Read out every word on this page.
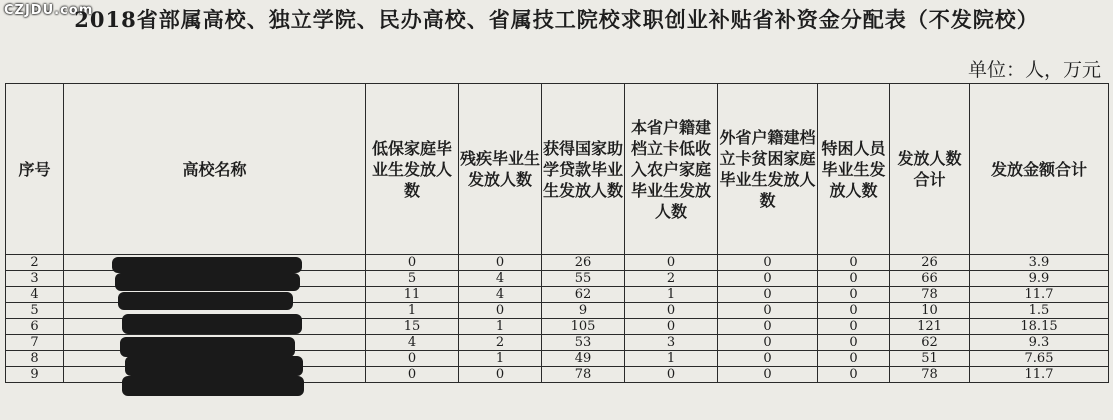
CZJDU.com
2018省部属高校、独立学院、民办高校、省属技工院校求职创业补贴省补资金分配表（不发院校）
单位：人，万元
序号	高校名称	低保家庭毕业生发放人数	残疾毕业生发放人数	获得国家助学贷款毕业生发放人数	本省户籍建档立卡低收入农户家庭毕业生发放人数	外省户籍建档立卡贫困家庭毕业生发放人数	特困人员毕业生发放人数	发放人数合计	发放金额合计
2		0	0	26	0	0	0	26	3.9
3		5	4	55	2	0	0	66	9.9
4		11	4	62	1	0	0	78	11.7
5		1	0	9	0	0	0	10	1.5
6		15	1	105	0	0	0	121	18.15
7		4	2	53	3	0	0	62	9.3
8		0	1	49	1	0	0	51	7.65
9		0	0	78	0	0	0	78	11.7
